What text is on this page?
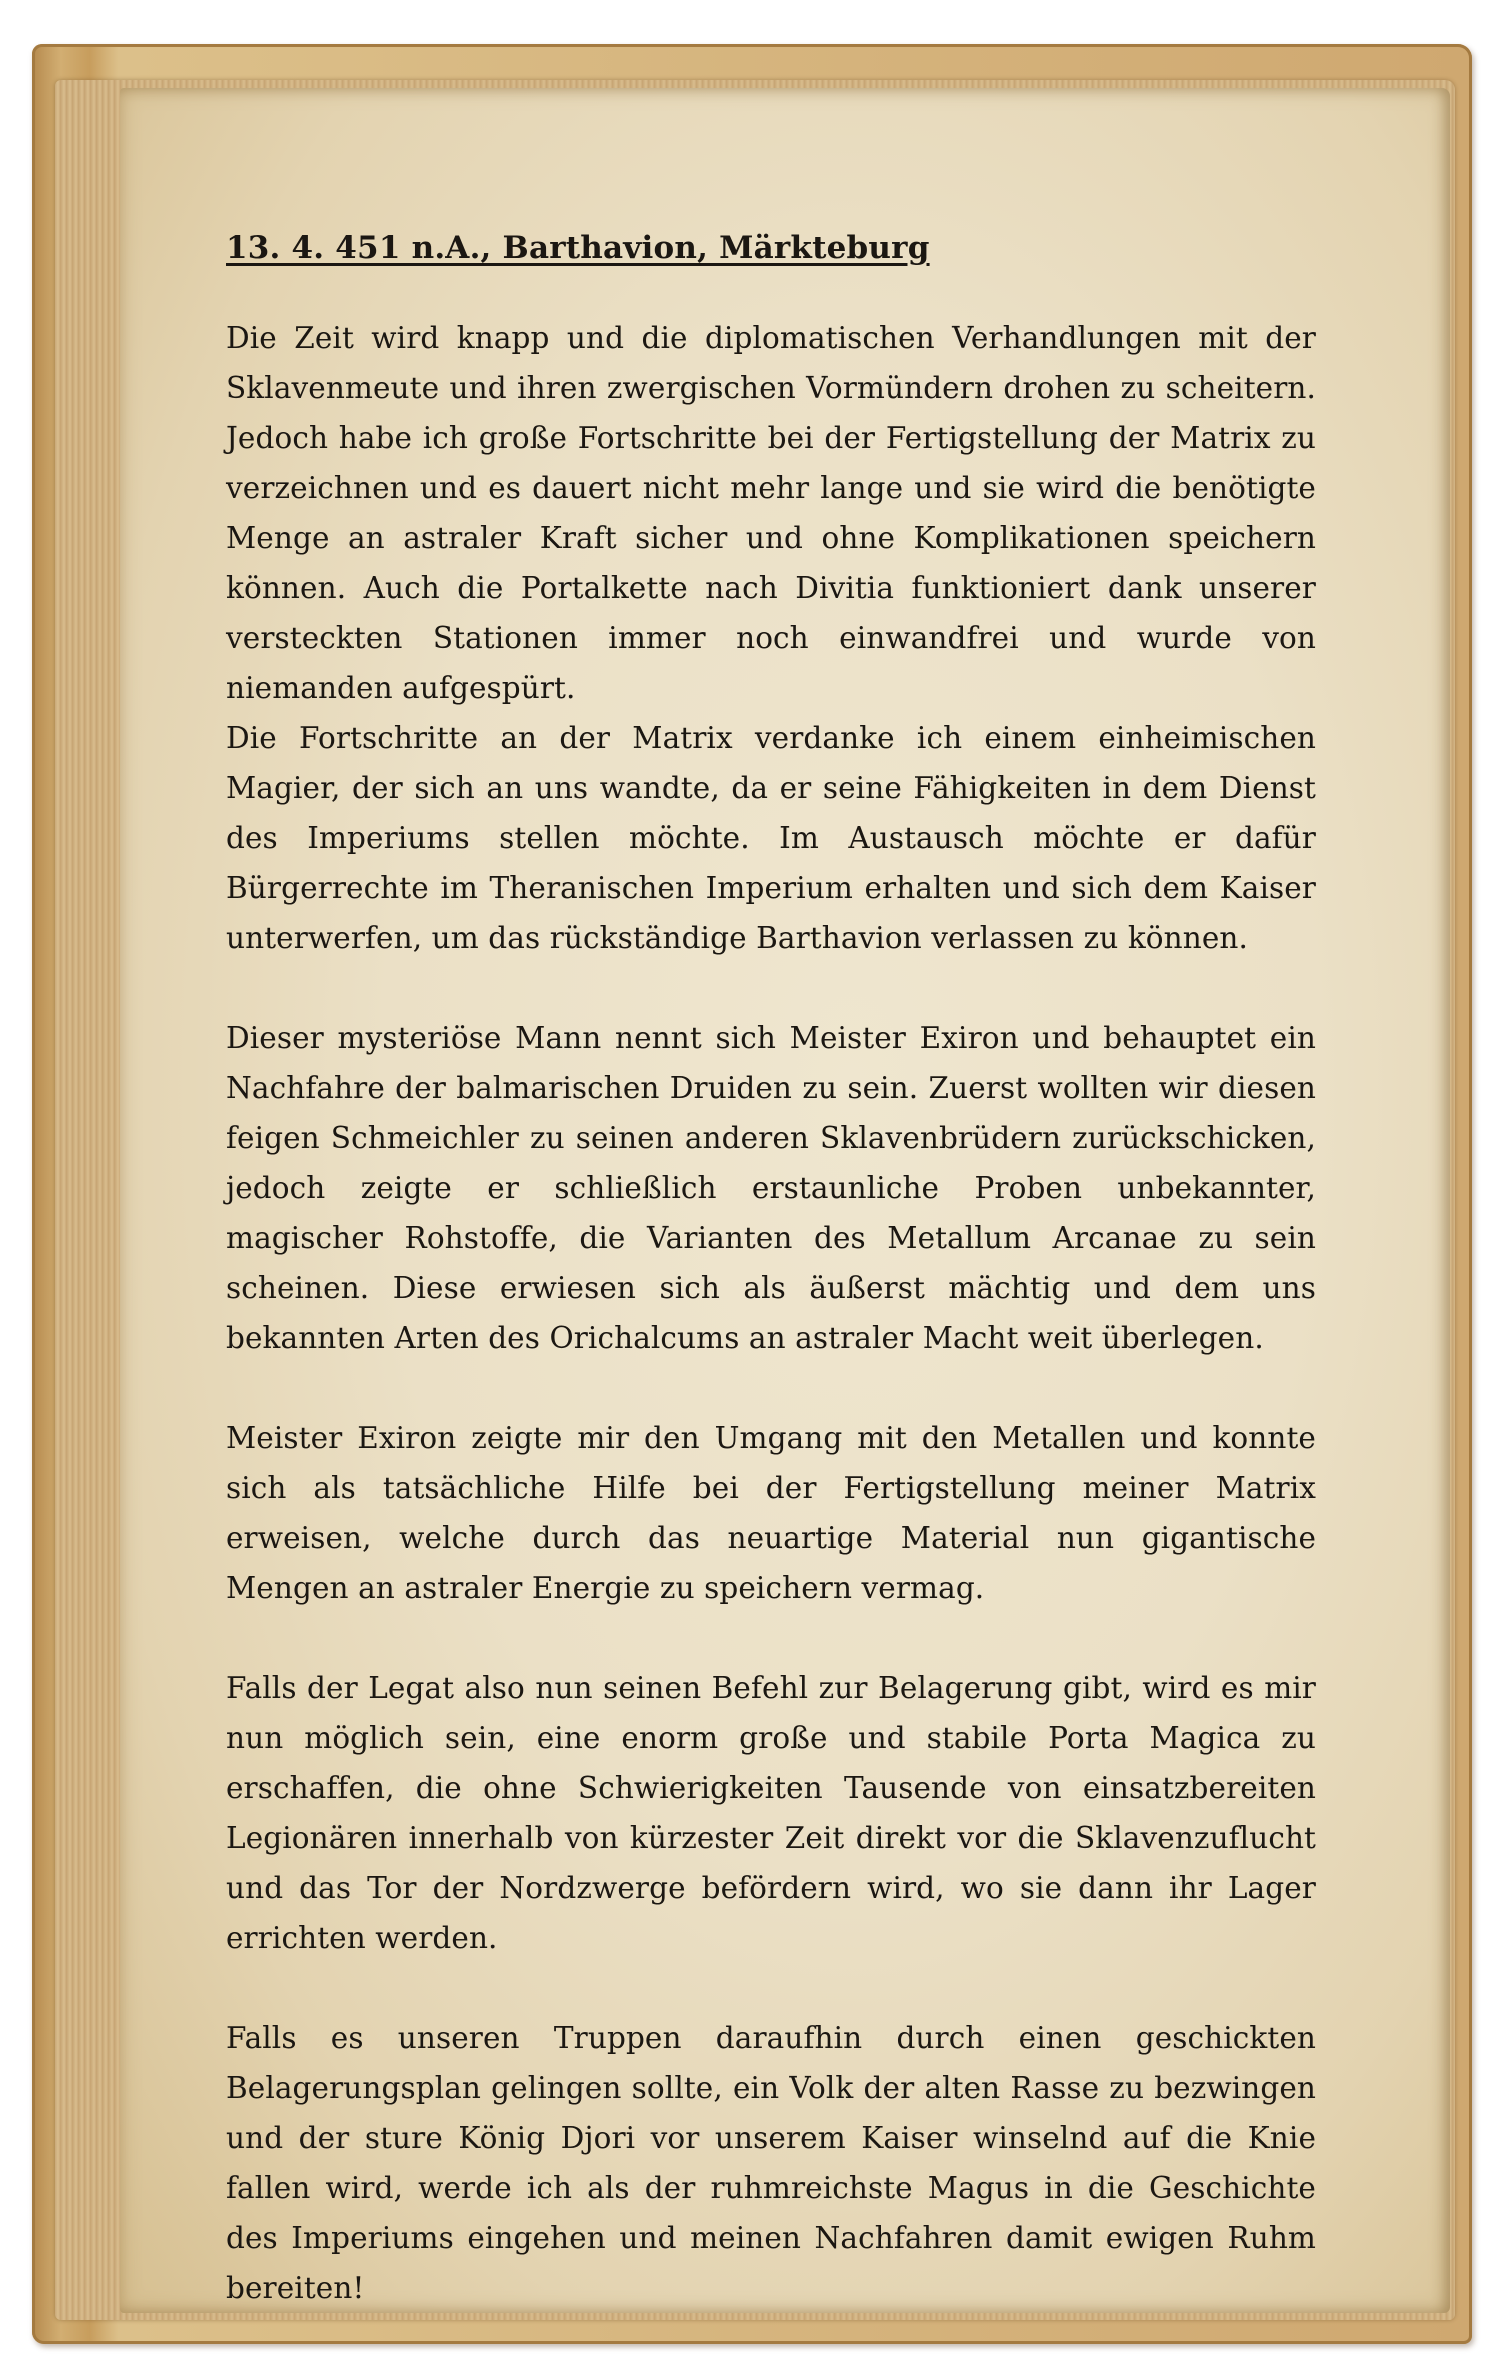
13. 4. 451 n.A., Barthavion, Märkteburg

Die Zeit wird knapp und die diplomatischen Verhandlungen mit der Sklavenmeute und ihren zwergischen Vormündern drohen zu scheitern. Jedoch habe ich große Fortschritte bei der Fertigstellung der Matrix zu verzeichnen und es dauert nicht mehr lange und sie wird die benötigte Menge an astraler Kraft sicher und ohne Komplikationen speichern können. Auch die Portalkette nach Divitia funktioniert dank unserer versteckten Stationen immer noch einwandfrei und wurde von niemanden aufgespürt.

Die Fortschritte an der Matrix verdanke ich einem einheimischen Magier, der sich an uns wandte, da er seine Fähigkeiten in dem Dienst des Imperiums stellen möchte. Im Austausch möchte er dafür Bürgerrechte im Theranischen Imperium erhalten und sich dem Kaiser unterwerfen, um das rückständige Barthavion verlassen zu können.

Dieser mysteriöse Mann nennt sich Meister Exiron und behauptet ein Nachfahre der balmarischen Druiden zu sein. Zuerst wollten wir diesen feigen Schmeichler zu seinen anderen Sklavenbrüdern zurückschicken, jedoch zeigte er schließlich erstaunliche Proben unbekannter, magischer Rohstoffe, die Varianten des Metallum Arcanae zu sein scheinen. Diese erwiesen sich als äußerst mächtig und dem uns bekannten Arten des Orichalcums an astraler Macht weit überlegen.

Meister Exiron zeigte mir den Umgang mit den Metallen und konnte sich als tatsächliche Hilfe bei der Fertigstellung meiner Matrix erweisen, welche durch das neuartige Material nun gigantische Mengen an astraler Energie zu speichern vermag.

Falls der Legat also nun seinen Befehl zur Belagerung gibt, wird es mir nun möglich sein, eine enorm große und stabile Porta Magica zu erschaffen, die ohne Schwierigkeiten Tausende von einsatzbereiten Legionären innerhalb von kürzester Zeit direkt vor die Sklavenzuflucht und das Tor der Nordzwerge befördern wird, wo sie dann ihr Lager errichten werden.

Falls es unseren Truppen daraufhin durch einen geschickten Belagerungsplan gelingen sollte, ein Volk der alten Rasse zu bezwingen und der sture König Djori vor unserem Kaiser winselnd auf die Knie fallen wird, werde ich als der ruhmreichste Magus in die Geschichte des Imperiums eingehen und meinen Nachfahren damit ewigen Ruhm bereiten!
